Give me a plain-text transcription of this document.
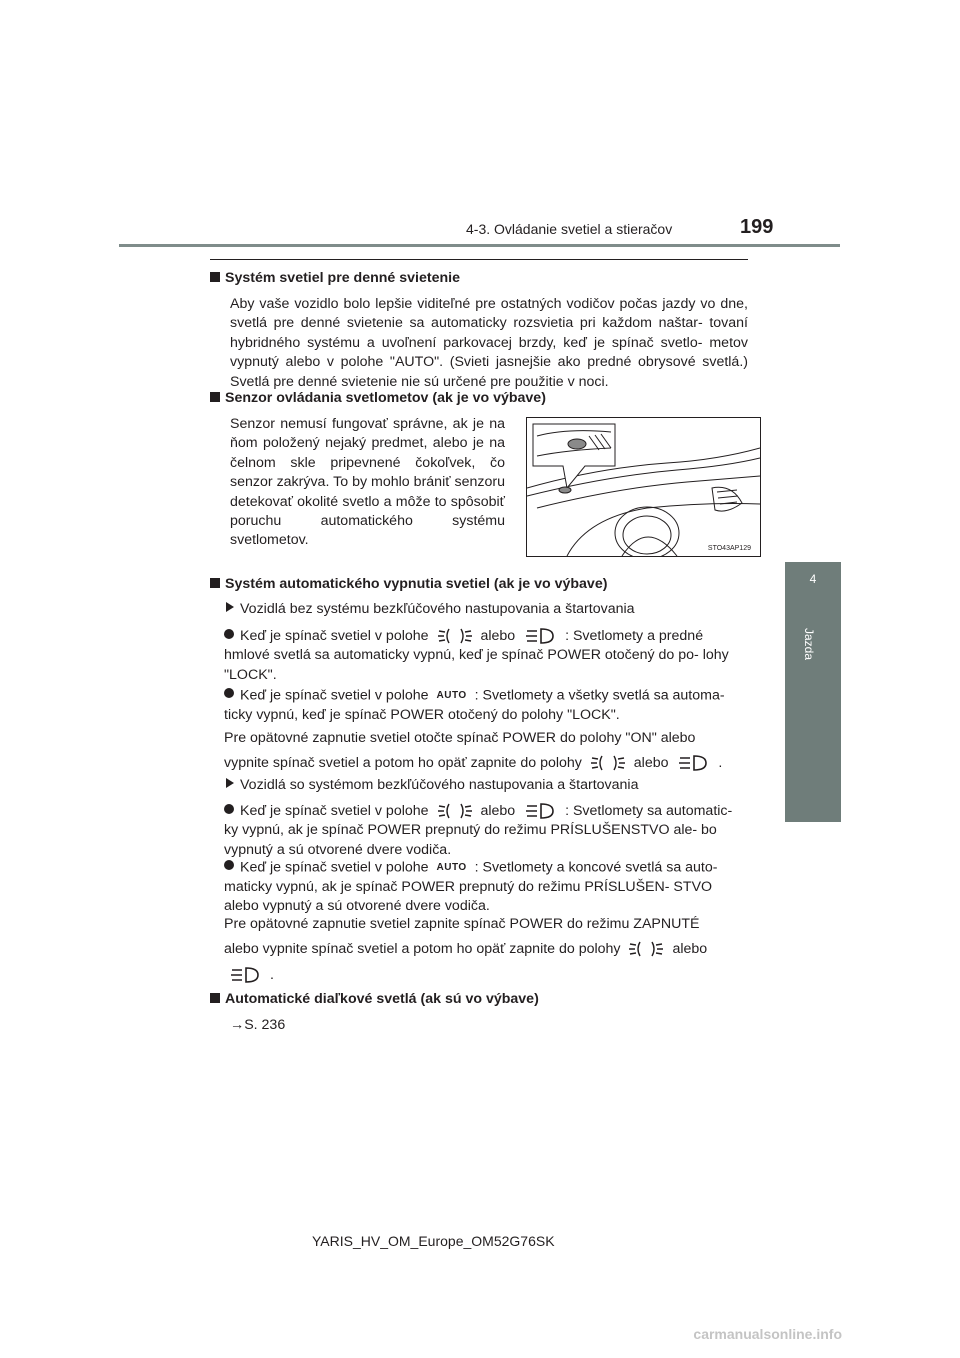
4-3. Ovládanie svetiel a stieračov	199
4
Jazda
Systém svetiel pre denné svietenie
Aby vaše vozidlo bolo lepšie viditeľné pre ostatných vodičov počas jazdy vo dne, svetlá pre denné svietenie sa automaticky rozsvietia pri každom naštar- tovaní hybridného systému a uvoľnení parkovacej brzdy, keď je spínač svetlo- metov vypnutý alebo v polohe "AUTO". (Svieti jasnejšie ako predné obrysové svetlá.) Svetlá pre denné svietenie nie sú určené pre použitie v noci.
Senzor ovládania svetlometov (ak je vo výbave)
Senzor nemusí fungovať správne, ak je na ňom položený nejaký predmet, alebo je na čelnom skle pripevnené čokoľvek, čo senzor zakrýva. To by mohlo brániť senzoru detekovať okolité svetlo a môže to spôsobiť poruchu automatického systému svetlometov.
STO43AP129
Systém automatického vypnutia svetiel (ak je vo výbave)
Vozidlá bez systému bezkľúčového nastupovania a štartovania
Keď je spínač svetiel v polohe	alebo	: Svetlomety a predné hmlové svetlá sa automaticky vypnú, keď je spínač POWER otočený do po- lohy "LOCK".
Keď je spínač svetiel v polohe AUTO : Svetlomety a všetky svetlá sa automa- ticky vypnú, keď je spínač POWER otočený do polohy "LOCK".
Pre opätovné zapnutie svetiel otočte spínač POWER do polohy "ON" alebo
vypnite spínač svetiel a potom ho opäť zapnite do polohy	alebo	.
Vozidlá so systémom bezkľúčového nastupovania a štartovania
Keď je spínač svetiel v polohe	alebo	: Svetlomety sa automatic- ky vypnú, ak je spínač POWER prepnutý do režimu PRÍSLUŠENSTVO ale- bo vypnutý a sú otvorené dvere vodiča.
Keď je spínač svetiel v polohe AUTO : Svetlomety a koncové svetlá sa auto- maticky vypnú, ak je spínač POWER prepnutý do režimu PRÍSLUŠEN- STVO alebo vypnutý a sú otvorené dvere vodiča.
Pre opätovné zapnutie svetiel zapnite spínač POWER do režimu ZAPNUTÉ
alebo vypnite spínač svetiel a potom ho opäť zapnite do polohy	alebo
.
Automatické diaľkové svetlá (ak sú vo výbave)
→S. 236
YARIS_HV_OM_Europe_OM52G76SK
carmanualsonline.info
